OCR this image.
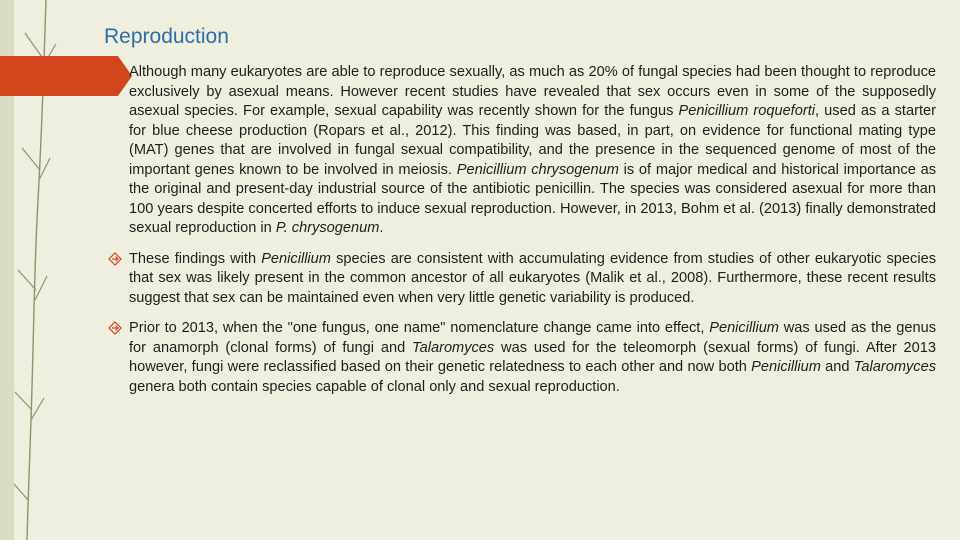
Reproduction
Although many eukaryotes are able to reproduce sexually, as much as 20% of fungal species had been thought to reproduce exclusively by asexual means. However recent studies have revealed that sex occurs even in some of the supposedly asexual species. For example, sexual capability was recently shown for the fungus Penicillium roqueforti, used as a starter for blue cheese production (Ropars et al., 2012). This finding was based, in part, on evidence for functional mating type (MAT) genes that are involved in fungal sexual compatibility, and the presence in the sequenced genome of most of the important genes known to be involved in meiosis. Penicillium chrysogenum is of major medical and historical importance as the original and present-day industrial source of the antibiotic penicillin. The species was considered asexual for more than 100 years despite concerted efforts to induce sexual reproduction. However, in 2013, Bohm et al. (2013) finally demonstrated sexual reproduction in P. chrysogenum.
These findings with Penicillium species are consistent with accumulating evidence from studies of other eukaryotic species that sex was likely present in the common ancestor of all eukaryotes (Malik et al., 2008). Furthermore, these recent results suggest that sex can be maintained even when very little genetic variability is produced.
Prior to 2013, when the "one fungus, one name" nomenclature change came into effect, Penicillium was used as the genus for anamorph (clonal forms) of fungi and Talaromyces was used for the teleomorph (sexual forms) of fungi. After 2013 however, fungi were reclassified based on their genetic relatedness to each other and now both Penicillium and Talaromyces genera both contain species capable of clonal only and sexual reproduction.
